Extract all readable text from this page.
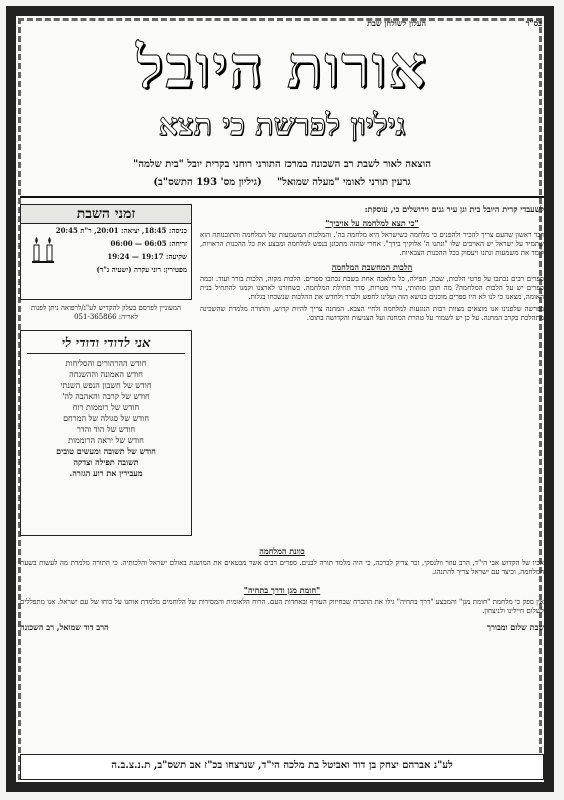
בס"ד
העלון לשולחן שבת
אורות היובל
גיליון לפרשת כי תצא
הוצאה לאור לשבת רב השכונה במרכז התורני רוחני בקרית יובל "בית שלמה"
גרעין תורני לאומי "מעלה שמואל" (גיליון מס' 193 התשס"ב)
זמני השבת

כניסה: 18:45, יציאה: 20:01, ר"ת 20:45

זריחה: 06:05 — 06:00

שקיעה: 19:17 — 19:24

מפטירין: רוני עקרה (ישעיה נ"ד)

המעוניין לפרסם בעלון להקדיש לע"נ/לרפואה ניתן לפנות לאריה: 051-365866
אני לדודי ודודי לי

חודש ההרהורים והסליחות

חודש האמונה וההשגחה

חודש של חשבון הנפש השנתי

חודש של קרבה והאהבה לה'

חודש של רוממות רוח

חודש של סגולה של המרחם

חודש של הוד והדר

חודש של יראה הרוממות

חודש של תשובה ומעשים טובים

תשובה תפילה וצדקה

מעבירין את רוע הגזרה.

לשעבדי קרית היובל בית וגן עיר גנים וירושלים כי, עוסקת:

"כי תצא למלחמה על אויביך"

דבר ראשון שהעם צריך להכיר ולהפנים כי מלחמה כשישראל היא מלחמה בה'. והמלכות המשמעות של המלחמה והתובנותה הוא שתמיד על ישראל יש האויבים שלו "ונתנו ה' אלוקיך בידך". אחרי שהזה מתכונן בנפש למלחמה ומבצע את כל ההכנות הראויות, לומד את משמעות ונתנו ויעסוק בכל ההכנות הצבאיות.

הלכות המחשבת המלחמה

ספרים רבים נכתבו על פרטי הלכות, שבת, תפילה, כל מלאכה אחת בשבת נכתבו ספרים. הלכות מקוה, הלכות בורר ועוד. וכמה ספרים יש על הלכות המלחמה? מה תוכן מוהותי, גדרי מטרות, סדר תחילת המלחמה. כשחזרנו לארצנו וקמנו להתחיל בנית האומה, מצאנו כי לנו לא היו ספרים מוכנים בנושא הזה ועלינו לחפש ולברר ולחדש את ההלכות שנשכחו בגלות.

בפרשה שלפנינו אנו מוצאים מצוות רבות הנוגעות למלחמה ולחיי הצבא. המחנה צריך להיות קדוש, והתורה מלמדת שהשכינה מתהלכת בקרב המחנה. על כן יש לשמור על טהרת המחנה ועל הצניעות והקדושה בתוכו.

כוונת המלחמה

אביו של הקדוש אבי הי"ד, הרב עוזר וולנסקי, זכר צדיק לברכה, כי היה מלמד תורה לבנים. ספרים רבים אשר מבטאים את המושגת באולם ישראל והלכותיה. כי התורה מלמדת מה לעשות בשעת המלחמה, וכיצד עם ישראל צריך להתנהג.

"חומת מגן ודרך בתחיה"

אין ספק כי מלחמת "חומת מגן" והמבצע "דרך בתחיה" גילו את ההכרח שבחיזוק העורף ובאחדות העם. הרוח הלאומית והמסירות של הלוחמים מלמדת אותנו על כוחו של עם ישראל. אנו מתפללים לשלום חיילינו ולניצחון.

שבת שלום ומבורך
הרב דוד שמואל, רב השכונה
לע"נ אברהם יצחק בן דוד ואביטל בת מלכה הי"ד, שנרצחו בכ"ז אב תשס"ב, ת.נ.צ.ב.ה
